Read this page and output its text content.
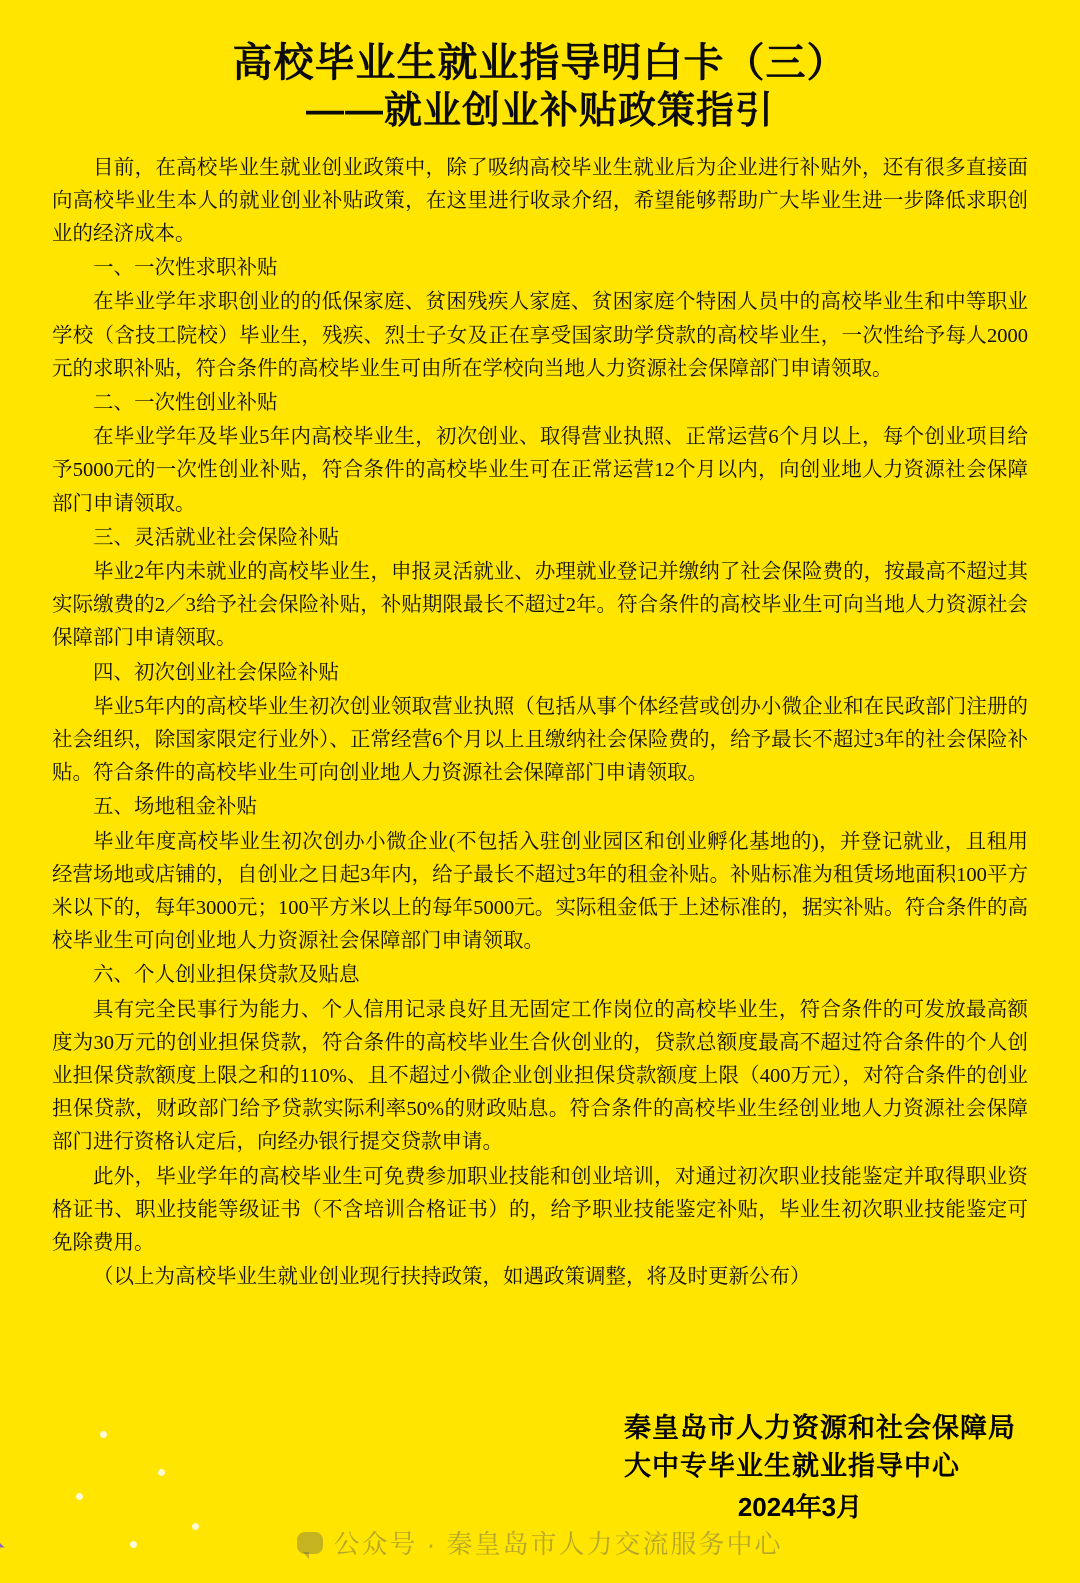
高校毕业生就业指导明白卡（三）
——就业创业补贴政策指引

目前，在高校毕业生就业创业政策中，除了吸纳高校毕业生就业后为企业进行补贴外，还有很多直接面向高校毕业生本人的就业创业补贴政策，在这里进行收录介绍，希望能够帮助广大毕业生进一步降低求职创业的经济成本。

一、一次性求职补贴

在毕业学年求职创业的的低保家庭、贫困残疾人家庭、贫困家庭个特困人员中的高校毕业生和中等职业学校（含技工院校）毕业生，残疾、烈士子女及正在享受国家助学贷款的高校毕业生，一次性给予每人2000元的求职补贴，符合条件的高校毕业生可由所在学校向当地人力资源社会保障部门申请领取。

二、一次性创业补贴

在毕业学年及毕业5年内高校毕业生，初次创业、取得营业执照、正常运营6个月以上，每个创业项目给予5000元的一次性创业补贴，符合条件的高校毕业生可在正常运营12个月以内，向创业地人力资源社会保障部门申请领取。

三、灵活就业社会保险补贴

毕业2年内未就业的高校毕业生，申报灵活就业、办理就业登记并缴纳了社会保险费的，按最高不超过其实际缴费的2／3给予社会保险补贴，补贴期限最长不超过2年。符合条件的高校毕业生可向当地人力资源社会保障部门申请领取。

四、初次创业社会保险补贴

毕业5年内的高校毕业生初次创业领取营业执照（包括从事个体经营或创办小微企业和在民政部门注册的社会组织，除国家限定行业外）、正常经营6个月以上且缴纳社会保险费的，给予最长不超过3年的社会保险补贴。符合条件的高校毕业生可向创业地人力资源社会保障部门申请领取。

五、场地租金补贴

毕业年度高校毕业生初次创办小微企业(不包括入驻创业园区和创业孵化基地的)，并登记就业，且租用经营场地或店铺的，自创业之日起3年内，给子最长不超过3年的租金补贴。补贴标准为租赁场地面积100平方米以下的，每年3000元；100平方米以上的每年5000元。实际租金低于上述标准的，据实补贴。符合条件的高校毕业生可向创业地人力资源社会保障部门申请领取。

六、个人创业担保贷款及贴息

具有完全民事行为能力、个人信用记录良好且无固定工作岗位的高校毕业生，符合条件的可发放最高额度为30万元的创业担保贷款，符合条件的高校毕业生合伙创业的，贷款总额度最高不超过符合条件的个人创业担保贷款额度上限之和的110%、且不超过小微企业创业担保贷款额度上限（400万元），对符合条件的创业担保贷款，财政部门给予贷款实际利率50%的财政贴息。符合条件的高校毕业生经创业地人力资源社会保障部门进行资格认定后，向经办银行提交贷款申请。

此外，毕业学年的高校毕业生可免费参加职业技能和创业培训，对通过初次职业技能鉴定并取得职业资格证书、职业技能等级证书（不含培训合格证书）的，给予职业技能鉴定补贴，毕业生初次职业技能鉴定可免除费用。

（以上为高校毕业生就业创业现行扶持政策，如遇政策调整，将及时更新公布）

秦皇岛市人力资源和社会保障局
大中专毕业生就业指导中心
2024年3月
公众号 · 秦皇岛市人力交流服务中心
